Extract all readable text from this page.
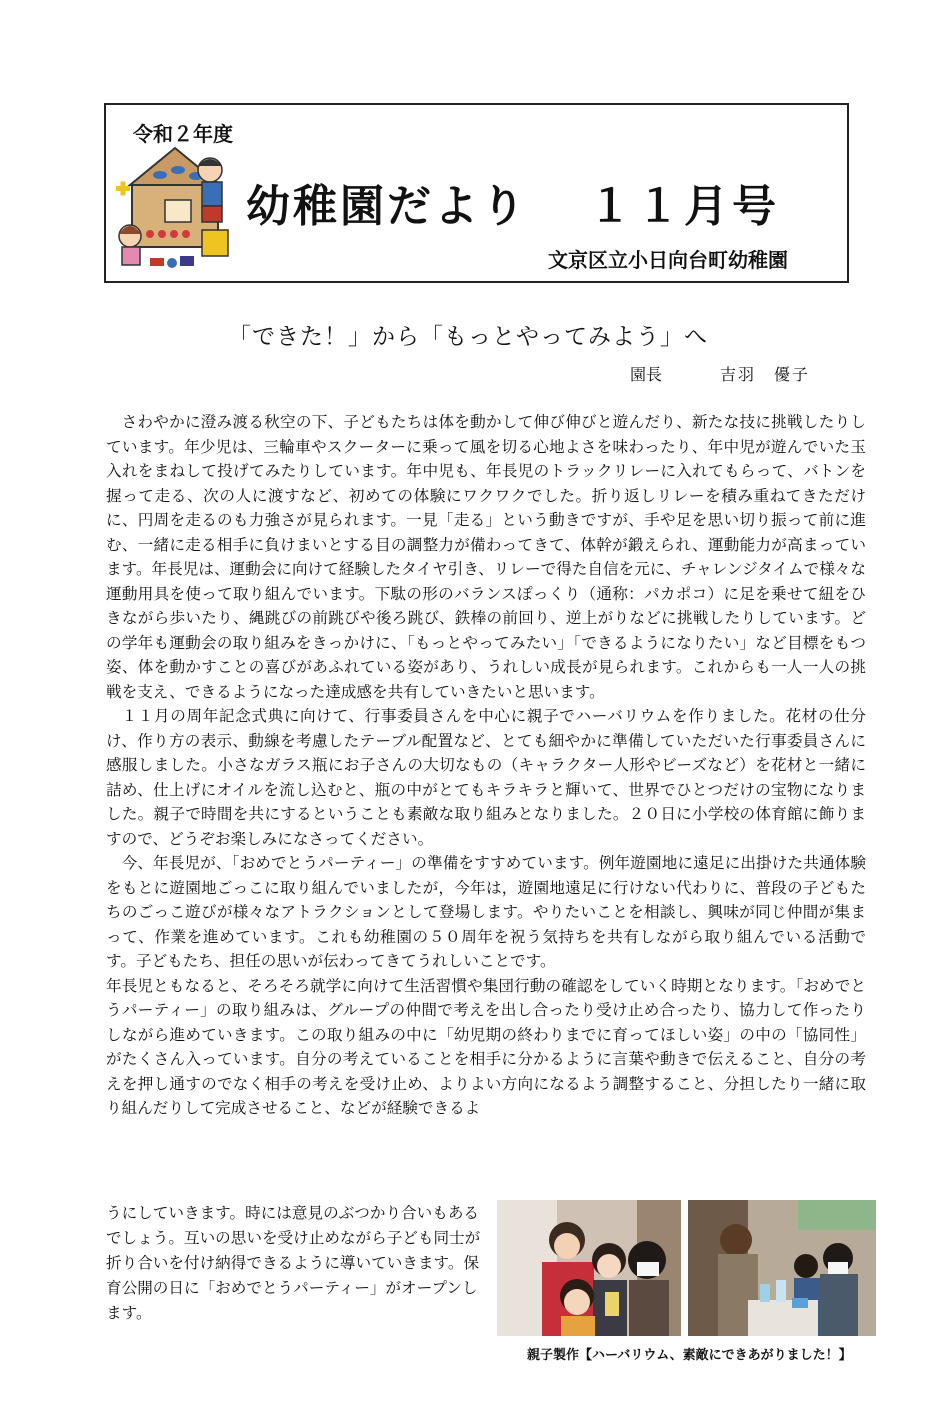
令和２年度
幼稚園だより １１月号
文京区立小日向台町幼稚園
「できた！」から「もっとやってみよう」へ
園長	吉羽　優子

さわやかに澄み渡る秋空の下、子どもたちは体を動かして伸び伸びと遊んだり、新たな技に挑戦したりしています。年少児は、三輪車やスクーターに乗って風を切る心地よさを味わったり、年中児が遊んでいた玉入れをまねして投げてみたりしています。年中児も、年長児のトラックリレーに入れてもらって、バトンを握って走る、次の人に渡すなど、初めての体験にワクワクでした。折り返しリレーを積み重ねてきただけに、円周を走るのも力強さが見られます。一見「走る」という動きですが、手や足を思い切り振って前に進む、一緒に走る相手に負けまいとする目の調整力が備わってきて、体幹が鍛えられ、運動能力が高まっています。年長児は、運動会に向けて経験したタイヤ引き、リレーで得た自信を元に、チャレンジタイムで様々な運動用具を使って取り組んでいます。下駄の形のバランスぽっくり（通称：パカポコ）に足を乗せて紐をひきながら歩いたり、縄跳びの前跳びや後ろ跳び、鉄棒の前回り、逆上がりなどに挑戦したりしています。どの学年も運動会の取り組みをきっかけに、「もっとやってみたい」「できるようになりたい」など目標をもつ姿、体を動かすことの喜びがあふれている姿があり、うれしい成長が見られます。これからも一人一人の挑戦を支え、できるようになった達成感を共有していきたいと思います。

１１月の周年記念式典に向けて、行事委員さんを中心に親子でハーバリウムを作りました。花材の仕分け、作り方の表示、動線を考慮したテーブル配置など、とても細やかに準備していただいた行事委員さんに感服しました。小さなガラス瓶にお子さんの大切なもの（キャラクター人形やビーズなど）を花材と一緒に詰め、仕上げにオイルを流し込むと、瓶の中がとてもキラキラと輝いて、世界でひとつだけの宝物になりました。親子で時間を共にするということも素敵な取り組みとなりました。２０日に小学校の体育館に飾りますので、どうぞお楽しみになさってください。

今、年長児が、「おめでとうパーティー」の準備をすすめています。例年遊園地に遠足に出掛けた共通体験をもとに遊園地ごっこに取り組んでいましたが，今年は，遊園地遠足に行けない代わりに、普段の子どもたちのごっこ遊びが様々なアトラクションとして登場します。やりたいことを相談し、興味が同じ仲間が集まって、作業を進めています。これも幼稚園の５０周年を祝う気持ちを共有しながら取り組んでいる活動です。子どもたち、担任の思いが伝わってきてうれしいことです。

年長児ともなると、そろそろ就学に向けて生活習慣や集団行動の確認をしていく時期となります。「おめでとうパーティー」の取り組みは、グループの仲間で考えを出し合ったり受け止め合ったり、協力して作ったりしながら進めていきます。この取り組みの中に「幼児期の終わりまでに育ってほしい姿」の中の「協同性」がたくさん入っています。自分の考えていることを相手に分かるように言葉や動きで伝えること、自分の考えを押し通すのでなく相手の考えを受け止め、よりよい方向になるよう調整すること、分担したり一緒に取り組んだりして完成させること、などが経験できるよ

うにしていきます。時には意見のぶつかり合いもあるでしょう。互いの思いを受け止めながら子ども同士が折り合いを付け納得できるように導いていきます。保育公開の日に「おめでとうパーティー」がオープンします。
親子製作【ハーバリウム、素敵にできあがりました！】
